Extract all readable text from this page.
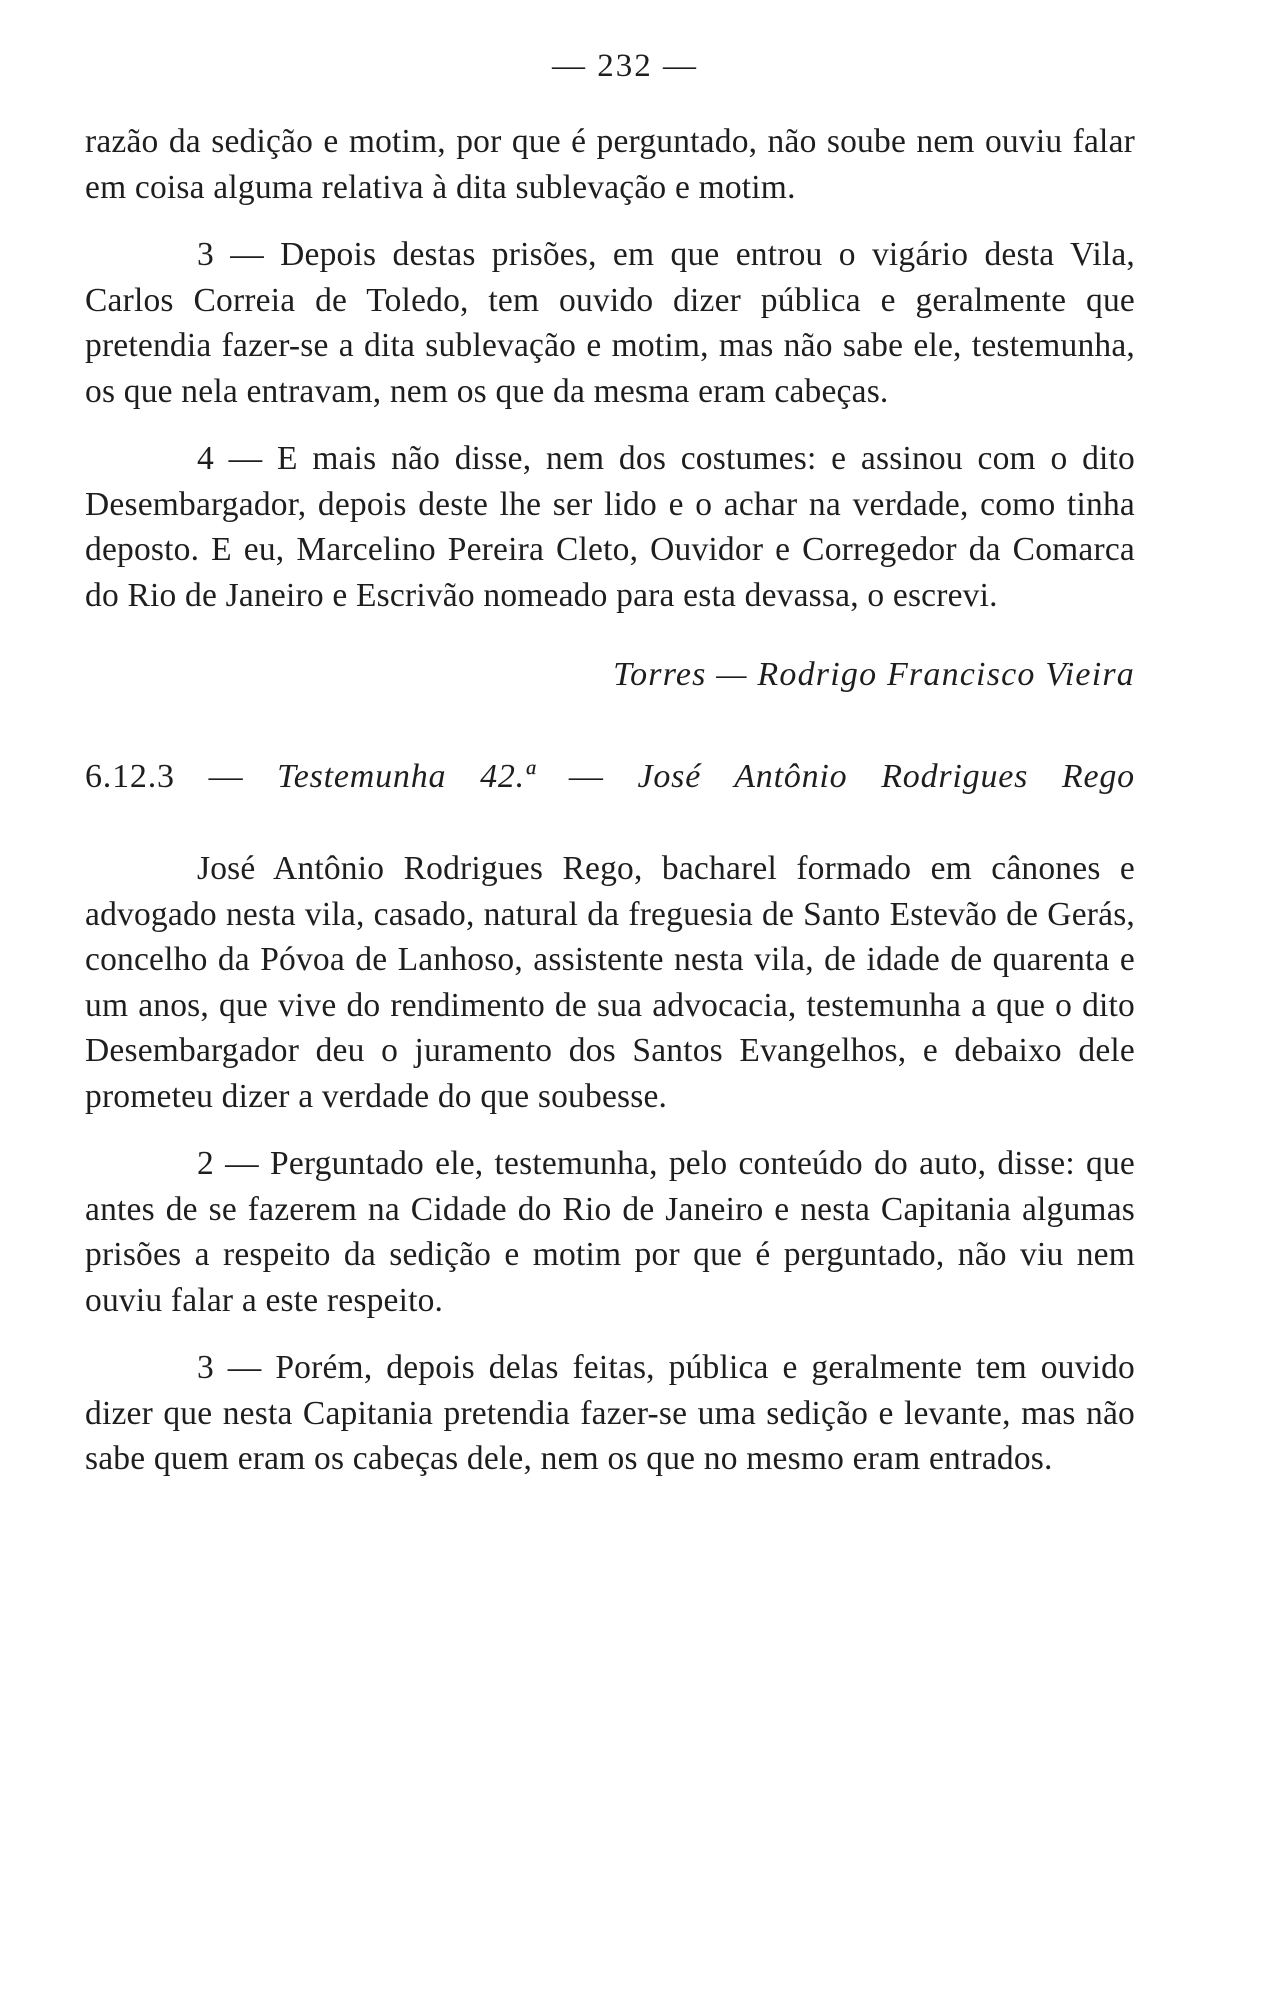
— 232 —

razão da sedição e motim, por que é perguntado, não soube nem ouviu falar em coisa alguma relativa à dita sublevação e motim.

3 — Depois destas prisões, em que entrou o vigário desta Vila, Carlos Correia de Toledo, tem ouvido dizer pública e geralmente que pretendia fazer-se a dita sublevação e motim, mas não sabe ele, testemunha, os que nela entravam, nem os que da mesma eram cabeças.

4 — E mais não disse, nem dos costumes: e assinou com o dito Desembargador, depois deste lhe ser lido e o achar na verdade, como tinha deposto. E eu, Marcelino Pereira Cleto, Ouvidor e Corregedor da Comarca do Rio de Janeiro e Escrivão nomeado para esta devassa, o escrevi.

Torres — Rodrigo Francisco Vieira

6.12.3 — Testemunha 42.ª — José Antônio Rodrigues Rego

José Antônio Rodrigues Rego, bacharel formado em cânones e advogado nesta vila, casado, natural da freguesia de Santo Estevão de Gerás, concelho da Póvoa de Lanhoso, assistente nesta vila, de idade de quarenta e um anos, que vive do rendimento de sua advocacia, testemunha a que o dito Desembargador deu o juramento dos Santos Evangelhos, e debaixo dele prometeu dizer a verdade do que soubesse.

2 — Perguntado ele, testemunha, pelo conteúdo do auto, disse: que antes de se fazerem na Cidade do Rio de Janeiro e nesta Capitania algumas prisões a respeito da sedição e motim por que é perguntado, não viu nem ouviu falar a este respeito.

3 — Porém, depois delas feitas, pública e geralmente tem ouvido dizer que nesta Capitania pretendia fazer-se uma sedição e levante, mas não sabe quem eram os cabeças dele, nem os que no mesmo eram entrados.
